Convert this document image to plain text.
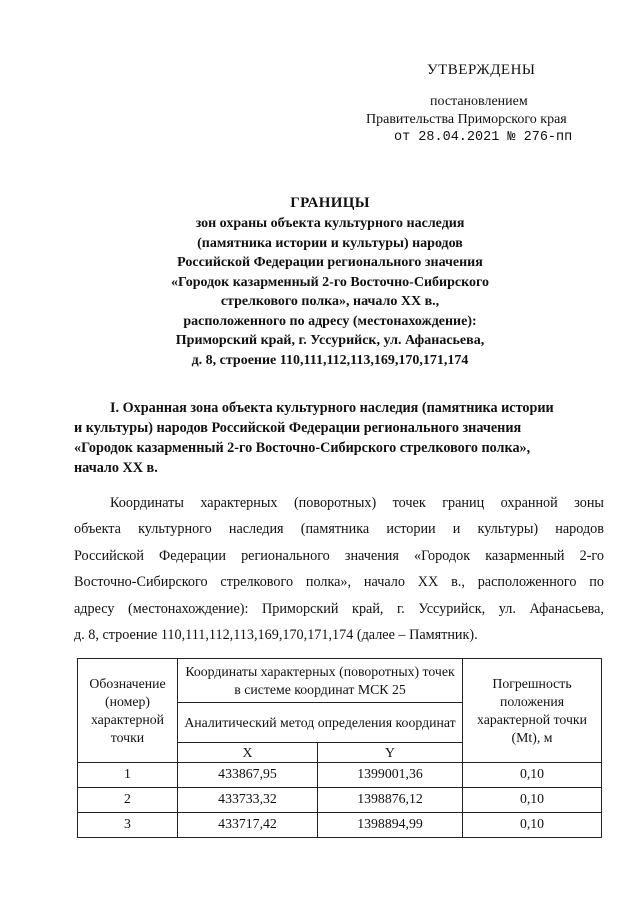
УТВЕРЖДЕНЫ
постановлением
Правительства Приморского края
от 28.04.2021 № 276-пп
ГРАНИЦЫ
зон охраны объекта культурного наследия
(памятника истории и культуры) народов
Российской Федерации регионального значения
«Городок казарменный 2-го Восточно-Сибирского
стрелкового полка», начало XX в.,
расположенного по адресу (местонахождение):
Приморский край, г. Уссурийск, ул. Афанасьева,
д. 8, строение 110,111,112,113,169,170,171,174
I. Охранная зона объекта культурного наследия (памятника истории
и культуры) народов Российской Федерации регионального значения
«Городок казарменный 2-го Восточно-Сибирского стрелкового полка»,
начало XX в.
Координаты характерных (поворотных) точек границ охранной зоны
объекта культурного наследия (памятника истории и культуры) народов
Российской Федерации регионального значения «Городок казарменный 2-го
Восточно-Сибирского стрелкового полка», начало XX в., расположенного по
адресу (местонахождение): Приморский край, г. Уссурийск, ул. Афанасьева,
д. 8, строение 110,111,112,113,169,170,171,174 (далее – Памятник).
Обозначение (номер) характерной точки	Координаты характерных (поворотных) точек в системе координат МСК 25		Погрешность положения характерной точки (Mt), м
	Аналитический метод определения координат		
	X	Y	
1	433867,95	1399001,36	0,10
2	433733,32	1398876,12	0,10
3	433717,42	1398894,99	0,10
